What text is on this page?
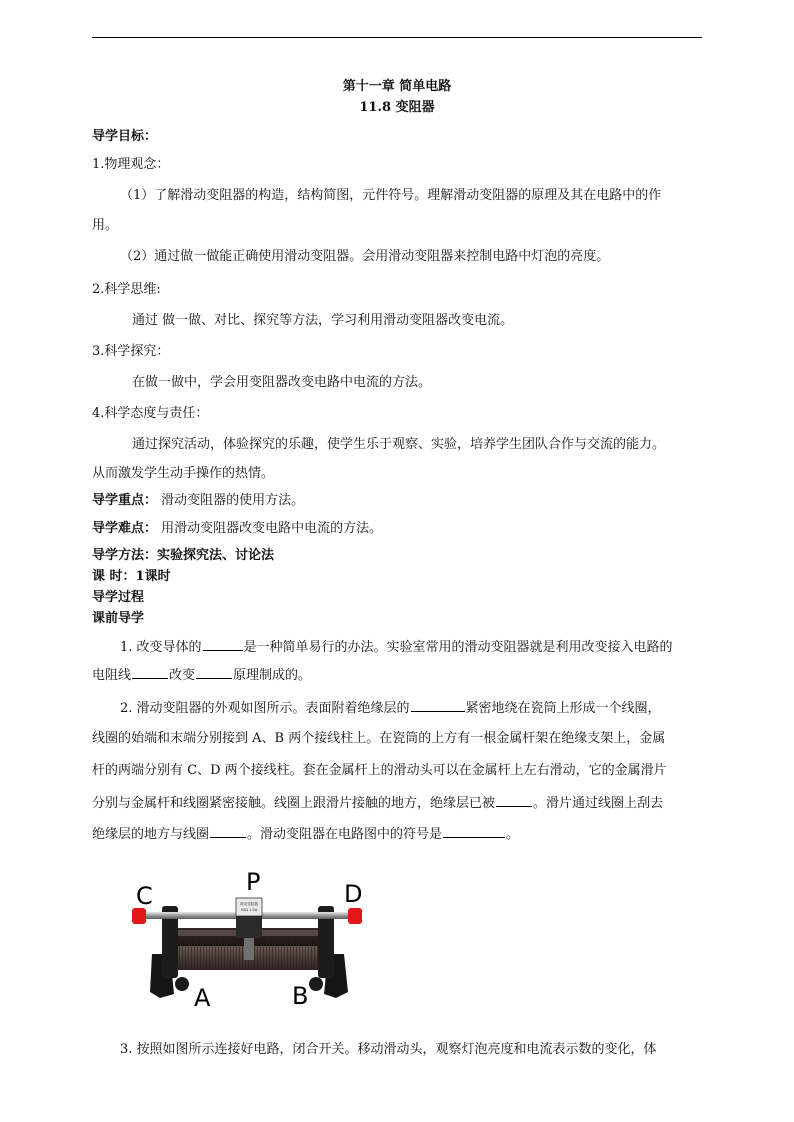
第十一章 简单电路
11.8 变阻器
导学目标：
1.物理观念：
（1）了解滑动变阻器的构造，结构简图，元件符号。理解滑动变阻器的原理及其在电路中的作
用。
（2）通过做一做能正确使用滑动变阻器。会用滑动变阻器来控制电路中灯泡的亮度。
2.科学思维:
通过 做一做、对比、探究等方法，学习利用滑动变阻器改变电流。
3.科学探究：
在做一做中，学会用变阻器改变电路中电流的方法。
4.科学态度与责任：
通过探究活动，体验探究的乐趣，使学生乐于观察、实验，培养学生团队合作与交流的能力。
从而激发学生动手操作的热情。
导学重点： 滑动变阻器的使用方法。
导学难点： 用滑动变阻器改变电路中电流的方法。
导学方法：实验探究法、讨论法
课 时：1课时
导学过程
课前导学
1. 改变导体的	是一种简单易行的办法。实验室常用的滑动变阻器就是利用改变接入电路的
电阻线	改变	原理制成的。
2. 滑动变阻器的外观如图所示。表面附着绝缘层的	紧密地绕在瓷筒上形成一个线圈，
线圈的始端和末端分别接到 A、B 两个接线柱上。在瓷筒的上方有一根金属杆架在绝缘支架上，金属
杆的两端分别有 C、D 两个接线柱。套在金属杆上的滑动头可以在金属杆上左右滑动，它的金属滑片
分别与金属杆和线圈紧密接触。线圈上跟滑片接触的地方，绝缘层已被	。滑片通过线圈上刮去
绝缘层的地方与线圈	。滑动变阻器在电路图中的符号是	。
滑动变阻器
50Ω 1.5A
C	P	D
A	B
3. 按照如图所示连接好电路，闭合开关。移动滑动头，观察灯泡亮度和电流表示数的变化，体
